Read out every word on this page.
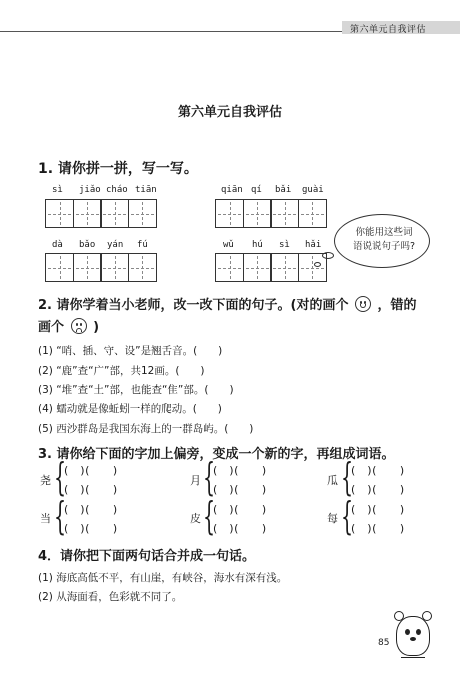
第六单元自我评估
第六单元自我评估
1. 请你拼一拼，写一写。
sì jiǎo cháo tiān	qiān qí bǎi guài
dà bǎo yán fú	wǔ hú sì hǎi
你能用这些词
语说说句子吗?
2. 请你学着当小老师，改一改下面的句子。(对的画个 ，错的
画个 )
(1) “哨、插、守、设”是翘舌音。(　　)
(2) “鹿”查“广”部，共12画。(　　)
(3) “堆”查“土”部，也能查“隹”部。(　　)
(4) 蠕动就是像蚯蚓一样的爬动。(　　)
(5) 西沙群岛是我国东海上的一群岛屿。(　　)
3. 请你给下面的字加上偏旁，变成一个新的字，再组成词语。
尧 {
(　)(　　)
(　)(　　)
月 {
(　)(　　)
(　)(　　)
瓜 {
(　)(　　)
(　)(　　)
当 {
(　)(　　)
(　)(　　)
皮 {
(　)(　　)
(　)(　　)
每 {
(　)(　　)
(　)(　　)
4．请你把下面两句话合并成一句话。
(1) 海底高低不平，有山崖，有峡谷，海水有深有浅。
(2) 从海面看，色彩就不同了。
85
